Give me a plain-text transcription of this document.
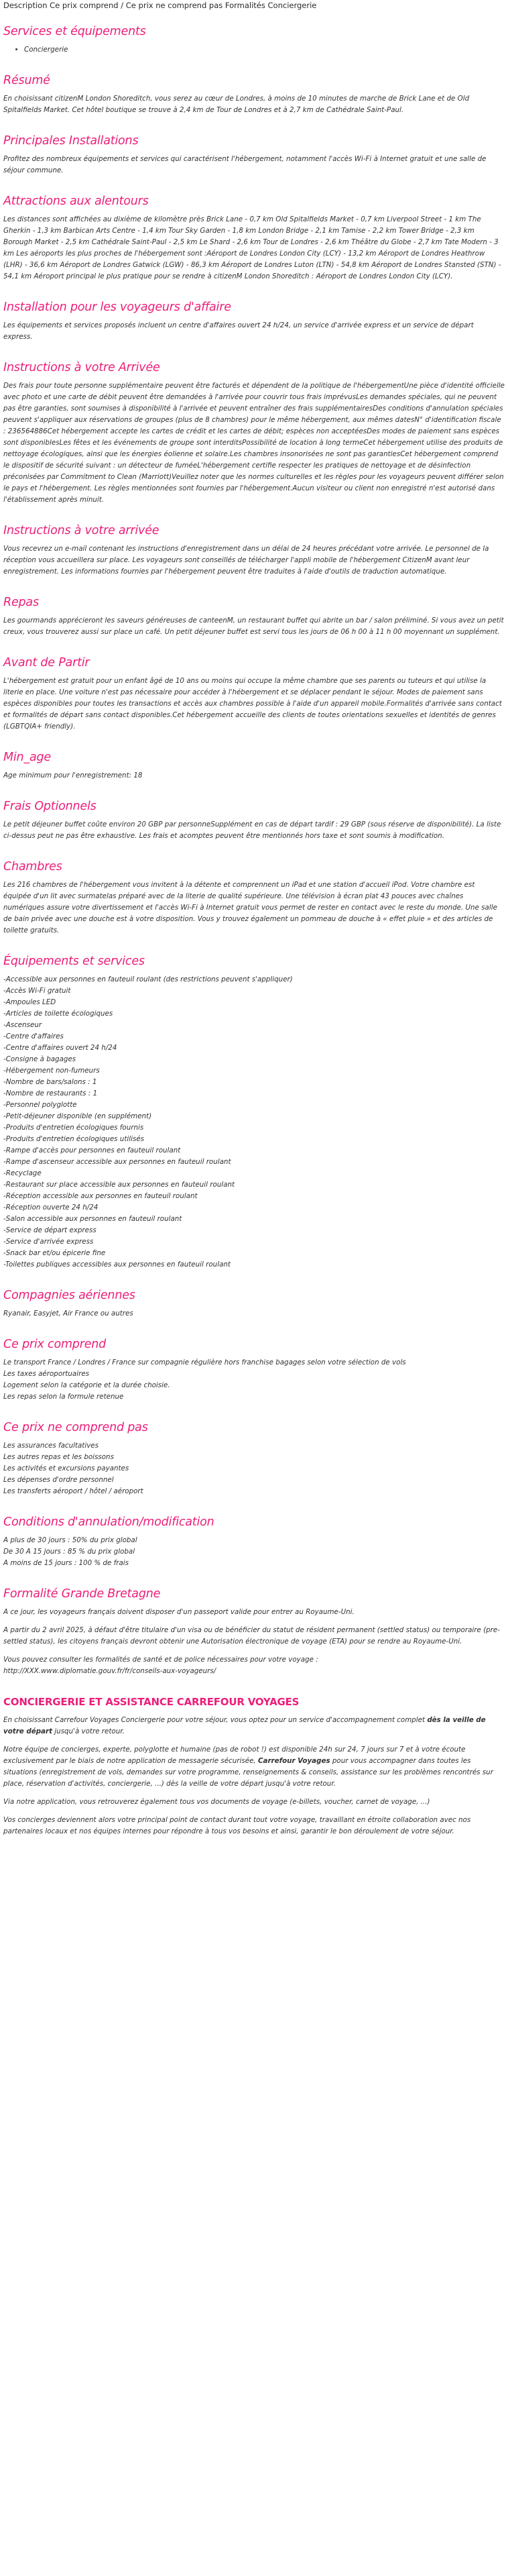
Description Ce prix comprend / Ce prix ne comprend pas Formalités Conciergerie

Services et équipements
• Conciergerie
Résumé

En choisissant citizenM London Shoreditch, vous serez au cœur de Londres, à moins de 10 minutes de marche de Brick Lane et de Old Spitalfields Market. Cet hôtel boutique se trouve à 2,4 km de Tour de Londres et à 2,7 km de Cathédrale Saint-Paul.

Principales Installations

Profitez des nombreux équipements et services qui caractérisent l'hébergement, notamment l'accès Wi-Fi à Internet gratuit et une salle de séjour commune.

Attractions aux alentours

Les distances sont affichées au dixième de kilomètre près Brick Lane - 0,7 km Old Spitalfields Market - 0,7 km Liverpool Street - 1 km The Gherkin - 1,3 km Barbican Arts Centre - 1,4 km Tour Sky Garden - 1,8 km London Bridge - 2,1 km Tamise - 2,2 km Tower Bridge - 2,3 km Borough Market - 2,5 km Cathédrale Saint-Paul - 2,5 km Le Shard - 2,6 km Tour de Londres - 2,6 km Théâtre du Globe - 2,7 km Tate Modern - 3 km Les aéroports les plus proches de l'hébergement sont :Aéroport de Londres London City (LCY) - 13,2 km Aéroport de Londres Heathrow (LHR) - 36,6 km Aéroport de Londres Gatwick (LGW) - 86,3 km Aéroport de Londres Luton (LTN) - 54,8 km Aéroport de Londres Stansted (STN) - 54,1 km Aéroport principal le plus pratique pour se rendre à citizenM London Shoreditch : Aéroport de Londres London City (LCY).

Installation pour les voyageurs d'affaire

Les équipements et services proposés incluent un centre d'affaires ouvert 24 h/24, un service d'arrivée express et un service de départ express.

Instructions à votre Arrivée

Des frais pour toute personne supplémentaire peuvent être facturés et dépendent de la politique de l'hébergementUne pièce d'identité officielle avec photo et une carte de débit peuvent être demandées à l'arrivée pour couvrir tous frais imprévusLes demandes spéciales, qui ne peuvent pas être garanties, sont soumises à disponibilité à l'arrivée et peuvent entraîner des frais supplémentairesDes conditions d'annulation spéciales peuvent s'appliquer aux réservations de groupes (plus de 8 chambres) pour le même hébergement, aux mêmes datesN° d'identification fiscale : 236564886Cet hébergement accepte les cartes de crédit et les cartes de débit; espèces non acceptéesDes modes de paiement sans espèces sont disponiblesLes fêtes et les événements de groupe sont interditsPossibilité de location à long termeCet hébergement utilise des produits de nettoyage écologiques, ainsi que les énergies éolienne et solaire.Les chambres insonorisées ne sont pas garantiesCet hébergement comprend le dispositif de sécurité suivant : un détecteur de fuméeL'hébergement certifie respecter les pratiques de nettoyage et de désinfection préconisées par Commitment to Clean (Marriott)Veuillez noter que les normes culturelles et les règles pour les voyageurs peuvent différer selon le pays et l'hébergement. Les règles mentionnées sont fournies par l'hébergement.Aucun visiteur ou client non enregistré n'est autorisé dans l'établissement après minuit.

Instructions à votre arrivée

Vous recevrez un e-mail contenant les instructions d'enregistrement dans un délai de 24 heures précédant votre arrivée. Le personnel de la réception vous accueillera sur place. Les voyageurs sont conseillés de télécharger l'appli mobile de l'hébergement CitizenM avant leur enregistrement. Les informations fournies par l'hébergement peuvent être traduites à l'aide d'outils de traduction automatique.

Repas

Les gourmands apprécieront les saveurs généreuses de canteenM, un restaurant buffet qui abrite un bar / salon préliminé. Si vous avez un petit creux, vous trouverez aussi sur place un café. Un petit déjeuner buffet est servi tous les jours de 06 h 00 à 11 h 00 moyennant un supplément.

Avant de Partir

L'hébergement est gratuit pour un enfant âgé de 10 ans ou moins qui occupe la même chambre que ses parents ou tuteurs et qui utilise la literie en place. Une voiture n'est pas nécessaire pour accéder à l'hébergement et se déplacer pendant le séjour. Modes de paiement sans espèces disponibles pour toutes les transactions et accès aux chambres possible à l'aide d'un appareil mobile.Formalités d'arrivée sans contact et formalités de départ sans contact disponibles.Cet hébergement accueille des clients de toutes orientations sexuelles et identités de genres (LGBTQIA+ friendly).

Min_age

Age minimum pour l'enregistrement: 18

Frais Optionnels

Le petit déjeuner buffet coûte environ 20 GBP par personneSupplément en cas de départ tardif : 29 GBP (sous réserve de disponibilité). La liste ci-dessus peut ne pas être exhaustive. Les frais et acomptes peuvent être mentionnés hors taxe et sont soumis à modification.

Chambres

Les 216 chambres de l'hébergement vous invitent à la détente et comprennent un iPad et une station d'accueil iPod. Votre chambre est équipée d'un lit avec surmatelas préparé avec de la literie de qualité supérieure. Une télévision à écran plat 43 pouces avec chaînes numériques assure votre divertissement et l'accès Wi-Fi à Internet gratuit vous permet de rester en contact avec le reste du monde. Une salle de bain privée avec une douche est à votre disposition. Vous y trouvez également un pommeau de douche à « effet pluie » et des articles de toilette gratuits.

Équipements et services
-Accessible aux personnes en fauteuil roulant (des restrictions peuvent s'appliquer)
-Accès Wi-Fi gratuit
-Ampoules LED
-Articles de toilette écologiques
-Ascenseur
-Centre d'affaires
-Centre d'affaires ouvert 24 h/24
-Consigne à bagages
-Hébergement non-fumeurs
-Nombre de bars/salons : 1
-Nombre de restaurants : 1
-Personnel polyglotte
-Petit-déjeuner disponible (en supplément)
-Produits d'entretien écologiques fournis
-Produits d'entretien écologiques utilisés
-Rampe d'accès pour personnes en fauteuil roulant
-Rampe d'ascenseur accessible aux personnes en fauteuil roulant
-Recyclage
-Restaurant sur place accessible aux personnes en fauteuil roulant
-Réception accessible aux personnes en fauteuil roulant
-Réception ouverte 24 h/24
-Salon accessible aux personnes en fauteuil roulant
-Service de départ express
-Service d'arrivée express
-Snack bar et/ou épicerie fine
-Toilettes publiques accessibles aux personnes en fauteuil roulant
Compagnies aériennes

Ryanair, Easyjet, Air France ou autres

Ce prix comprend
Le transport France / Londres / France sur compagnie régulière hors franchise bagages selon votre sélection de vols
Les taxes aéroportuaires
Logement selon la catégorie et la durée choisie.
Les repas selon la formule retenue
Ce prix ne comprend pas
Les assurances facultatives
Les autres repas et les boissons
Les activités et excursions payantes
Les dépenses d'ordre personnel
Les transferts aéroport / hôtel / aéroport
Conditions d'annulation/modification
A plus de 30 jours : 50% du prix global
De 30 A 15 jours : 85 % du prix global
A moins de 15 jours : 100 % de frais
Formalité Grande Bretagne

A ce jour, les voyageurs français doivent disposer d'un passeport valide pour entrer au Royaume-Uni.

A partir du 2 avril 2025, à défaut d'être titulaire d'un visa ou de bénéficier du statut de résident permanent (settled status) ou temporaire (pre-settled status), les citoyens français devront obtenir une Autorisation électronique de voyage (ETA) pour se rendre au Royaume-Uni.

Vous pouvez consulter les formalités de santé et de police nécessaires pour votre voyage :
http://XXX.www.diplomatie.gouv.fr/fr/conseils-aux-voyageurs/

CONCIERGERIE ET ASSISTANCE CARREFOUR VOYAGES

En choisissant Carrefour Voyages Conciergerie pour votre séjour, vous optez pour un service d'accompagnement complet dès la veille de votre départ jusqu'à votre retour.

Notre équipe de concierges, experte, polyglotte et humaine (pas de robot !) est disponible 24h sur 24, 7 jours sur 7 et à votre écoute exclusivement par le biais de notre application de messagerie sécurisée, Carrefour Voyages pour vous accompagner dans toutes les situations (enregistrement de vols, demandes sur votre programme, renseignements & conseils, assistance sur les problèmes rencontrés sur place, réservation d'activités, conciergerie, ...) dès la veille de votre départ jusqu'à votre retour.

Via notre application, vous retrouverez également tous vos documents de voyage (e-billets, voucher, carnet de voyage, ...)

Vos concierges deviennent alors votre principal point de contact durant tout votre voyage, travaillant en étroite collaboration avec nos partenaires locaux et nos équipes internes pour répondre à tous vos besoins et ainsi, garantir le bon déroulement de votre séjour.
